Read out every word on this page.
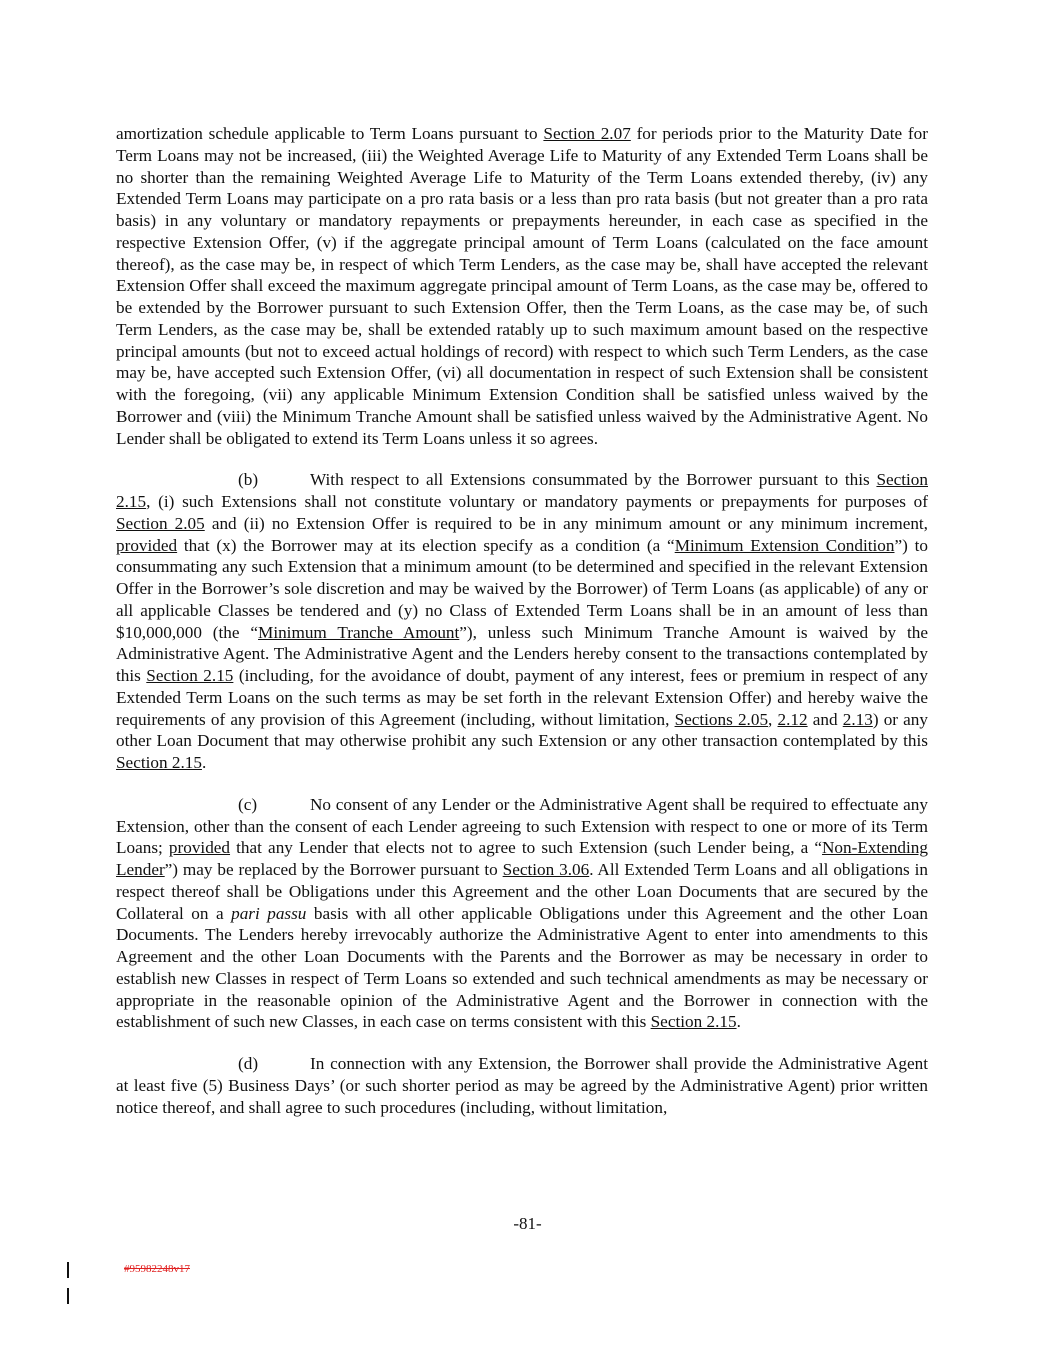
amortization schedule applicable to Term Loans pursuant to Section 2.07 for periods prior to the Maturity Date for Term Loans may not be increased, (iii) the Weighted Average Life to Maturity of any Extended Term Loans shall be no shorter than the remaining Weighted Average Life to Maturity of the Term Loans extended thereby, (iv) any Extended Term Loans may participate on a pro rata basis or a less than pro rata basis (but not greater than a pro rata basis) in any voluntary or mandatory repayments or prepayments hereunder, in each case as specified in the respective Extension Offer, (v) if the aggregate principal amount of Term Loans (calculated on the face amount thereof), as the case may be, in respect of which Term Lenders, as the case may be, shall have accepted the relevant Extension Offer shall exceed the maximum aggregate principal amount of Term Loans, as the case may be, offered to be extended by the Borrower pursuant to such Extension Offer, then the Term Loans, as the case may be, of such Term Lenders, as the case may be, shall be extended ratably up to such maximum amount based on the respective principal amounts (but not to exceed actual holdings of record) with respect to which such Term Lenders, as the case may be, have accepted such Extension Offer, (vi) all documentation in respect of such Extension shall be consistent with the foregoing, (vii) any applicable Minimum Extension Condition shall be satisfied unless waived by the Borrower and (viii) the Minimum Tranche Amount shall be satisfied unless waived by the Administrative Agent. No Lender shall be obligated to extend its Term Loans unless it so agrees.

(b)	With respect to all Extensions consummated by the Borrower pursuant to this Section 2.15, (i) such Extensions shall not constitute voluntary or mandatory payments or prepayments for purposes of Section 2.05 and (ii) no Extension Offer is required to be in any minimum amount or any minimum increment, provided that (x) the Borrower may at its election specify as a condition (a “Minimum Extension Condition”) to consummating any such Extension that a minimum amount (to be determined and specified in the relevant Extension Offer in the Borrower’s sole discretion and may be waived by the Borrower) of Term Loans (as applicable) of any or all applicable Classes be tendered and (y) no Class of Extended Term Loans shall be in an amount of less than $10,000,000 (the “Minimum Tranche Amount”), unless such Minimum Tranche Amount is waived by the Administrative Agent. The Administrative Agent and the Lenders hereby consent to the transactions contemplated by this Section 2.15 (including, for the avoidance of doubt, payment of any interest, fees or premium in respect of any Extended Term Loans on the such terms as may be set forth in the relevant Extension Offer) and hereby waive the requirements of any provision of this Agreement (including, without limitation, Sections 2.05, 2.12 and 2.13) or any other Loan Document that may otherwise prohibit any such Extension or any other transaction contemplated by this Section 2.15.

(c)	No consent of any Lender or the Administrative Agent shall be required to effectuate any Extension, other than the consent of each Lender agreeing to such Extension with respect to one or more of its Term Loans; provided that any Lender that elects not to agree to such Extension (such Lender being, a “Non-Extending Lender”) may be replaced by the Borrower pursuant to Section 3.06. All Extended Term Loans and all obligations in respect thereof shall be Obligations under this Agreement and the other Loan Documents that are secured by the Collateral on a pari passu basis with all other applicable Obligations under this Agreement and the other Loan Documents. The Lenders hereby irrevocably authorize the Administrative Agent to enter into amendments to this Agreement and the other Loan Documents with the Parents and the Borrower as may be necessary in order to establish new Classes in respect of Term Loans so extended and such technical amendments as may be necessary or appropriate in the reasonable opinion of the Administrative Agent and the Borrower in connection with the establishment of such new Classes, in each case on terms consistent with this Section 2.15.

(d)	In connection with any Extension, the Borrower shall provide the Administrative Agent at least five (5) Business Days’ (or such shorter period as may be agreed by the Administrative Agent) prior written notice thereof, and shall agree to such procedures (including, without limitation,

-81-
#95982248v17
